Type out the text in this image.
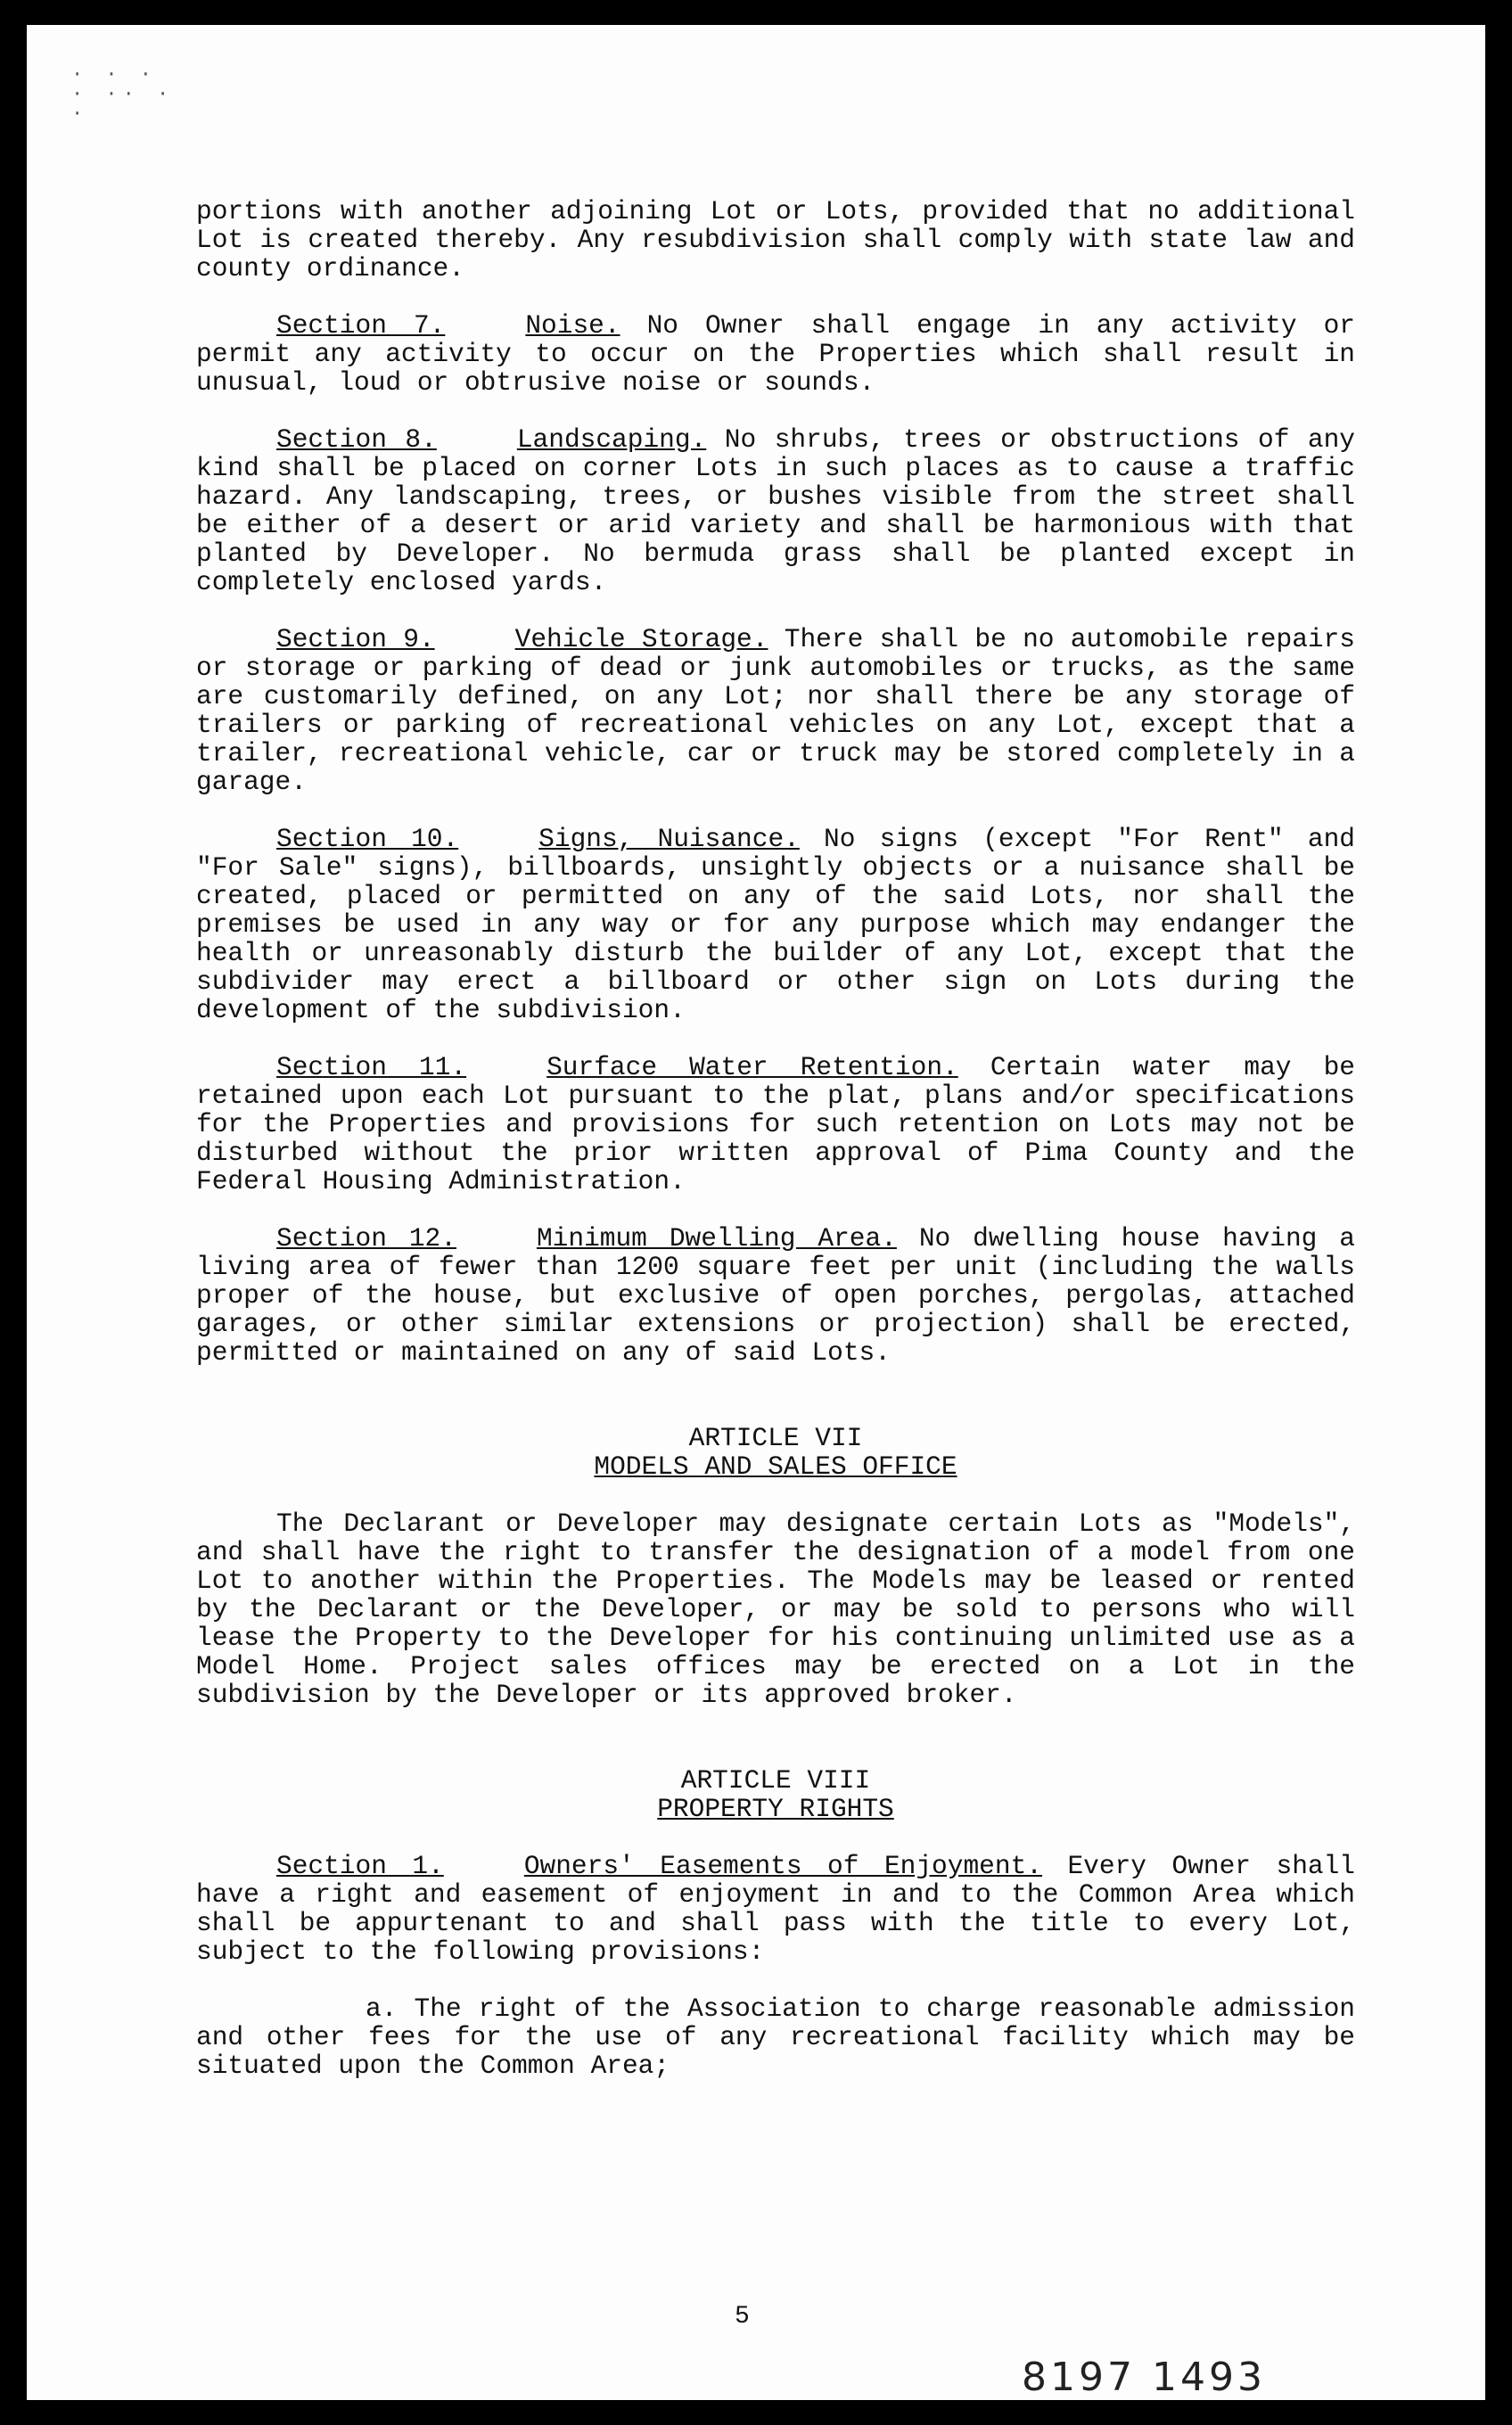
· · ·
· ·· ·
·

portions with another adjoining Lot or Lots, provided that no additional Lot is created thereby. Any resubdivision shall comply with state law and county ordinance.

Section 7.	Noise. No Owner shall engage in any activity or permit any activity to occur on the Properties which shall result in unusual, loud or obtrusive noise or sounds.

Section 8.	Landscaping. No shrubs, trees or obstructions of any kind shall be placed on corner Lots in such places as to cause a traffic hazard. Any landscaping, trees, or bushes visible from the street shall be either of a desert or arid variety and shall be harmonious with that planted by Developer. No bermuda grass shall be planted except in completely enclosed yards.

Section 9.	Vehicle Storage. There shall be no automobile repairs or storage or parking of dead or junk automobiles or trucks, as the same are customarily defined, on any Lot; nor shall there be any storage of trailers or parking of recreational vehicles on any Lot, except that a trailer, recreational vehicle, car or truck may be stored completely in a garage.

Section 10.	Signs, Nuisance. No signs (except "For Rent" and "For Sale" signs), billboards, unsightly objects or a nuisance shall be created, placed or permitted on any of the said Lots, nor shall the premises be used in any way or for any purpose which may endanger the health or unreasonably disturb the builder of any Lot, except that the subdivider may erect a billboard or other sign on Lots during the development of the subdivision.

Section 11.	Surface Water Retention. Certain water may be retained upon each Lot pursuant to the plat, plans and/or specifications for the Properties and provisions for such retention on Lots may not be disturbed without the prior written approval of Pima County and the Federal Housing Administration.

Section 12.	Minimum Dwelling Area. No dwelling house having a living area of fewer than 1200 square feet per unit (including the walls proper of the house, but exclusive of open porches, pergolas, attached garages, or other similar extensions or projection) shall be erected, permitted or maintained on any of said Lots.

ARTICLE VII

MODELS AND SALES OFFICE

The Declarant or Developer may designate certain Lots as "Models", and shall have the right to transfer the designation of a model from one Lot to another within the Properties. The Models may be leased or rented by the Declarant or the Developer, or may be sold to persons who will lease the Property to the Developer for his continuing unlimited use as a Model Home. Project sales offices may be erected on a Lot in the subdivision by the Developer or its approved broker.

ARTICLE VIII

PROPERTY RIGHTS

Section 1.	Owners' Easements of Enjoyment. Every Owner shall have a right and easement of enjoyment in and to the Common Area which shall be appurtenant to and shall pass with the title to every Lot, subject to the following provisions:

a. The right of the Association to charge reasonable admission and other fees for the use of any recreational facility which may be situated upon the Common Area;

5
8197 1493
